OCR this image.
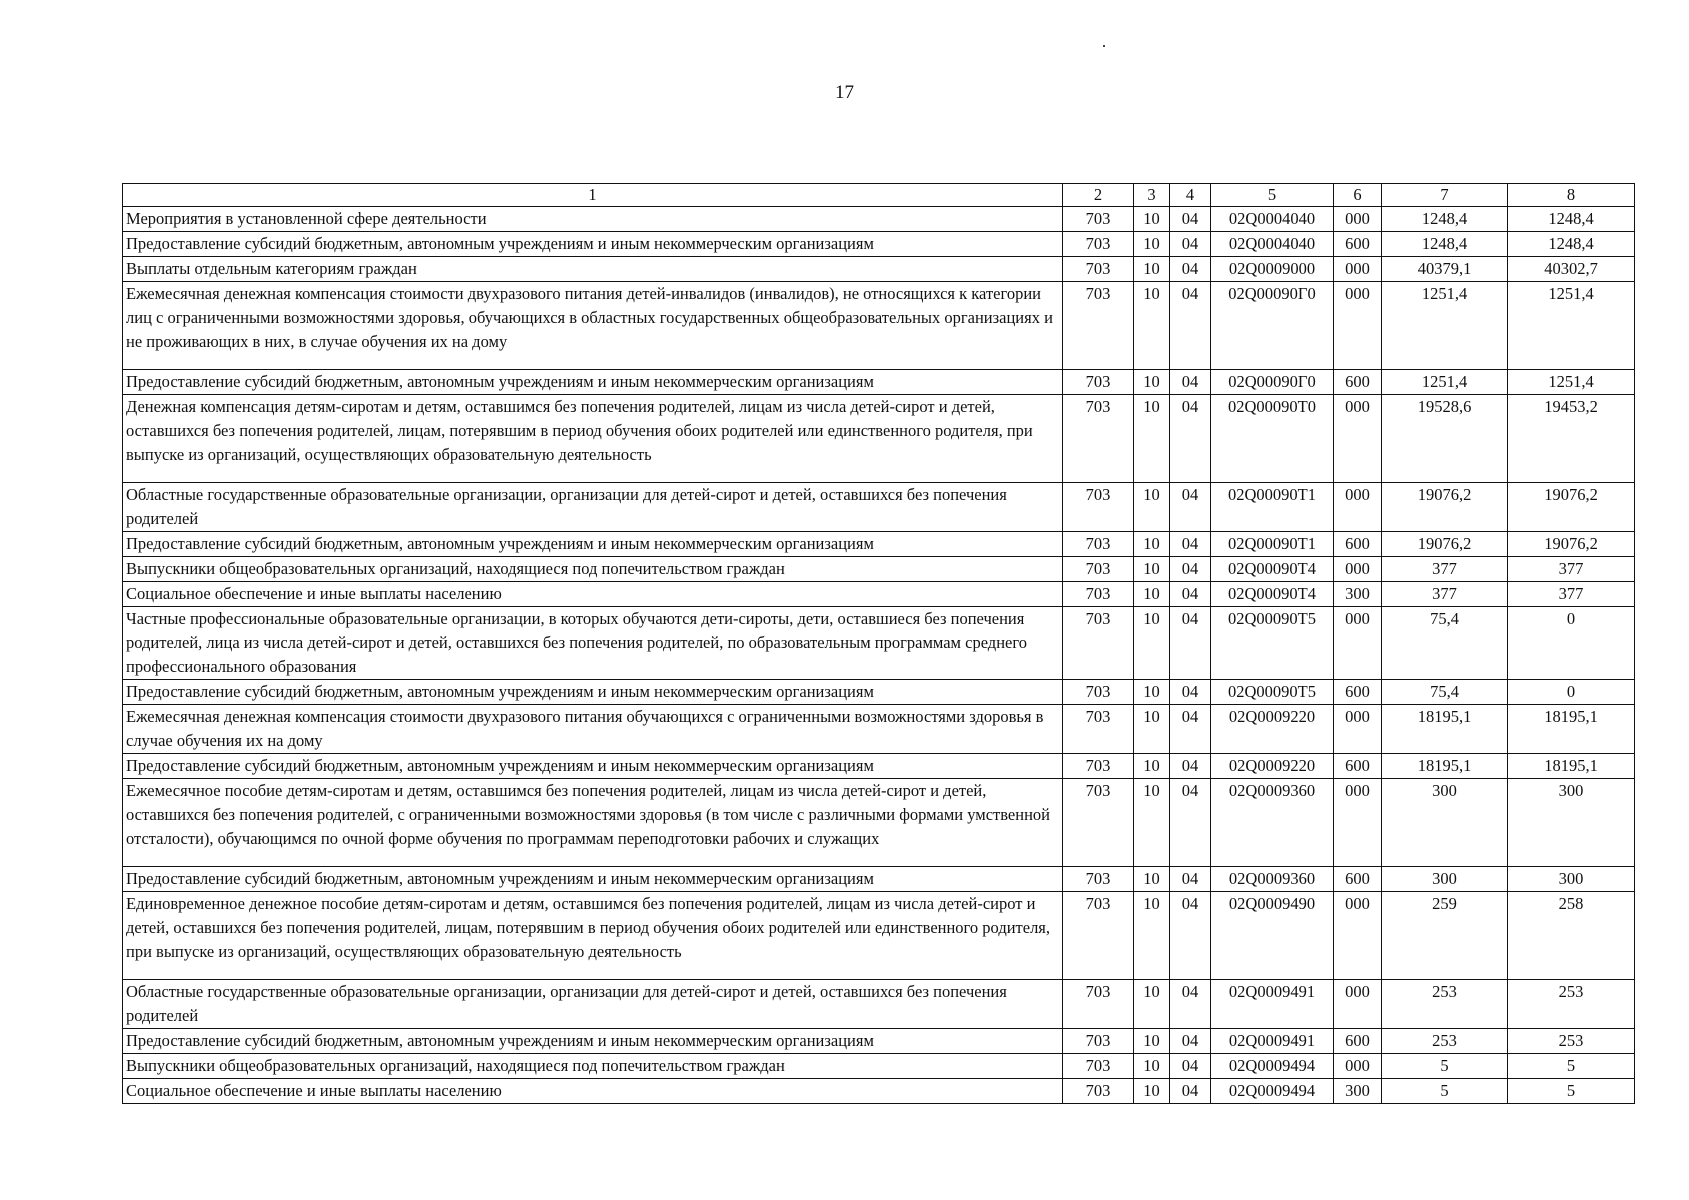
17
1	2	3	4	5	6	7	8
Мероприятия в установленной сфере деятельности	703	10	04	02Q0004040	000	1248,4	1248,4
Предоставление субсидий бюджетным, автономным учреждениям и иным некоммерческим организациям	703	10	04	02Q0004040	600	1248,4	1248,4
Выплаты отдельным категориям граждан	703	10	04	02Q0009000	000	40379,1	40302,7
Ежемесячная денежная компенсация стоимости двухразового питания детей-инвалидов (инвалидов), не относящихся к категории лиц с ограниченными возможностями здоровья, обучающихся в областных государственных общеобразовательных организациях и не проживающих в них, в случае обучения их на дому	703	10	04	02Q00090Г0	000	1251,4	1251,4
Предоставление субсидий бюджетным, автономным учреждениям и иным некоммерческим организациям	703	10	04	02Q00090Г0	600	1251,4	1251,4
Денежная компенсация детям-сиротам и детям, оставшимся без попечения родителей, лицам из числа детей-сирот и детей, оставшихся без попечения родителей, лицам, потерявшим в период обучения обоих родителей или единственного родителя, при выпуске из организаций, осуществляющих образовательную деятельность	703	10	04	02Q00090Т0	000	19528,6	19453,2
Областные государственные образовательные организации, организации для детей-сирот и детей, оставшихся без попечения родителей	703	10	04	02Q00090Т1	000	19076,2	19076,2
Предоставление субсидий бюджетным, автономным учреждениям и иным некоммерческим организациям	703	10	04	02Q00090Т1	600	19076,2	19076,2
Выпускники общеобразовательных организаций, находящиеся под попечительством граждан	703	10	04	02Q00090Т4	000	377	377
Социальное обеспечение и иные выплаты населению	703	10	04	02Q00090Т4	300	377	377
Частные профессиональные образовательные организации, в которых обучаются дети-сироты, дети, оставшиеся без попечения родителей, лица из числа детей-сирот и детей, оставшихся без попечения родителей, по образовательным программам среднего профессионального образования	703	10	04	02Q00090Т5	000	75,4	0
Предоставление субсидий бюджетным, автономным учреждениям и иным некоммерческим организациям	703	10	04	02Q00090Т5	600	75,4	0
Ежемесячная денежная компенсация стоимости двухразового питания обучающихся с ограниченными возможностями здоровья в случае обучения их на дому	703	10	04	02Q0009220	000	18195,1	18195,1
Предоставление субсидий бюджетным, автономным учреждениям и иным некоммерческим организациям	703	10	04	02Q0009220	600	18195,1	18195,1
Ежемесячное пособие детям-сиротам и детям, оставшимся без попечения родителей, лицам из числа детей-сирот и детей, оставшихся без попечения родителей, с ограниченными возможностями здоровья (в том числе с различными формами умственной отсталости), обучающимся по очной форме обучения по программам переподготовки рабочих и служащих	703	10	04	02Q0009360	000	300	300
Предоставление субсидий бюджетным, автономным учреждениям и иным некоммерческим организациям	703	10	04	02Q0009360	600	300	300
Единовременное денежное пособие детям-сиротам и детям, оставшимся без попечения родителей, лицам из числа детей-сирот и детей, оставшихся без попечения родителей, лицам, потерявшим в период обучения обоих родителей или единственного родителя, при выпуске из организаций, осуществляющих образовательную деятельность	703	10	04	02Q0009490	000	259	258
Областные государственные образовательные организации, организации для детей-сирот и детей, оставшихся без попечения родителей	703	10	04	02Q0009491	000	253	253
Предоставление субсидий бюджетным, автономным учреждениям и иным некоммерческим организациям	703	10	04	02Q0009491	600	253	253
Выпускники общеобразовательных организаций, находящиеся под попечительством граждан	703	10	04	02Q0009494	000	5	5
Социальное обеспечение и иные выплаты населению	703	10	04	02Q0009494	300	5	5
